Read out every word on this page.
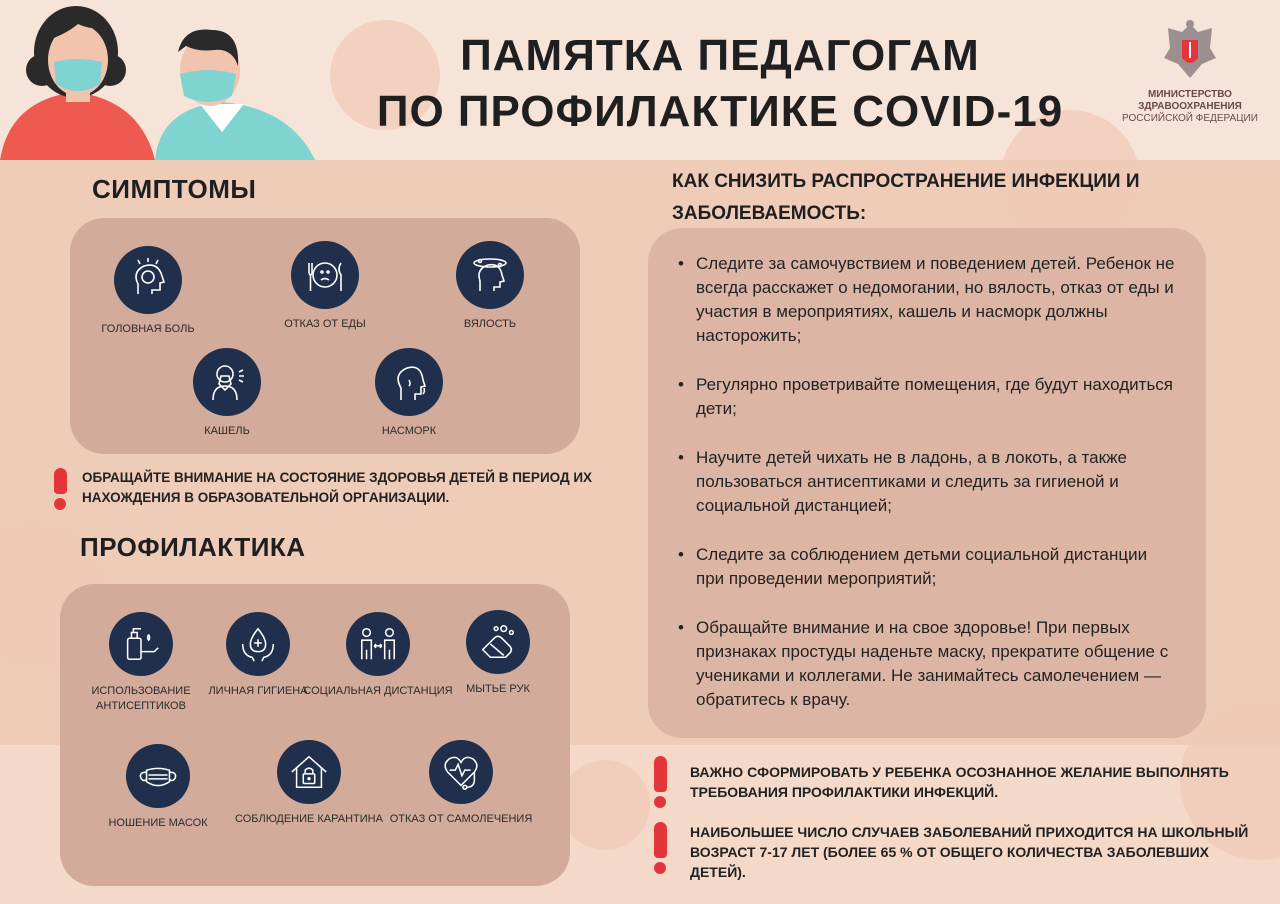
ПАМЯТКА ПЕДАГОГАМ
ПО ПРОФИЛАКТИКЕ COVID-19	МИНИСТЕРСТВО
ЗДРАВООХРАНЕНИЯ
РОССИЙСКОЙ ФЕДЕРАЦИИ
СИМПТОМЫ
ГОЛОВНАЯ БОЛЬ	ОТКАЗ ОТ ЕДЫ	ВЯЛОСТЬ
КАШЕЛЬ	НАСМОРК
ОБРАЩАЙТЕ ВНИМАНИЕ НА СОСТОЯНИЕ ЗДОРОВЬЯ ДЕТЕЙ В ПЕРИОД ИХ НАХОЖДЕНИЯ В ОБРАЗОВАТЕЛЬНОЙ ОРГАНИЗАЦИИ.
ПРОФИЛАКТИКА
ИСПОЛЬЗОВАНИЕ АНТИСЕПТИКОВ
ЛИЧНАЯ ГИГИЕНА
СОЦИАЛЬНАЯ ДИСТАНЦИЯ	МЫТЬЕ РУК
НОШЕНИЕ МАСОК	СОБЛЮДЕНИЕ КАРАНТИНА ОТКАЗ ОТ САМОЛЕЧЕНИЯ
КАК СНИЗИТЬ РАСПРОСТРАНЕНИЕ ИНФЕКЦИИ И ЗАБОЛЕВАЕМОСТЬ:
• Следите за самочувствием и поведением детей. Ребенок не всегда расскажет о недомогании, но вялость, отказ от еды и участия в мероприятиях, кашель и насморк должны насторожить;
• Регулярно проветривайте помещения, где будут находиться дети;
• Научите детей чихать не в ладонь, а в локоть, а также пользоваться антисептиками и следить за гигиеной и социальной дистанцией;
• Следите за соблюдением детьми социальной дистанции при проведении мероприятий;
• Обращайте внимание и на свое здоровье! При первых признаках простуды наденьте маску, прекратите общение с учениками и коллегами. Не занимайтесь самолечением — обратитесь к врачу.
ВАЖНО СФОРМИРОВАТЬ У РЕБЕНКА ОСОЗНАННОЕ ЖЕЛАНИЕ ВЫПОЛНЯТЬ ТРЕБОВАНИЯ ПРОФИЛАКТИКИ ИНФЕКЦИЙ.
НАИБОЛЬШЕЕ ЧИСЛО СЛУЧАЕВ ЗАБОЛЕВАНИЙ ПРИХОДИТСЯ НА ШКОЛЬНЫЙ ВОЗРАСТ 7-17 ЛЕТ (БОЛЕЕ 65 % ОТ ОБЩЕГО КОЛИЧЕСТВА ЗАБОЛЕВШИХ ДЕТЕЙ).
